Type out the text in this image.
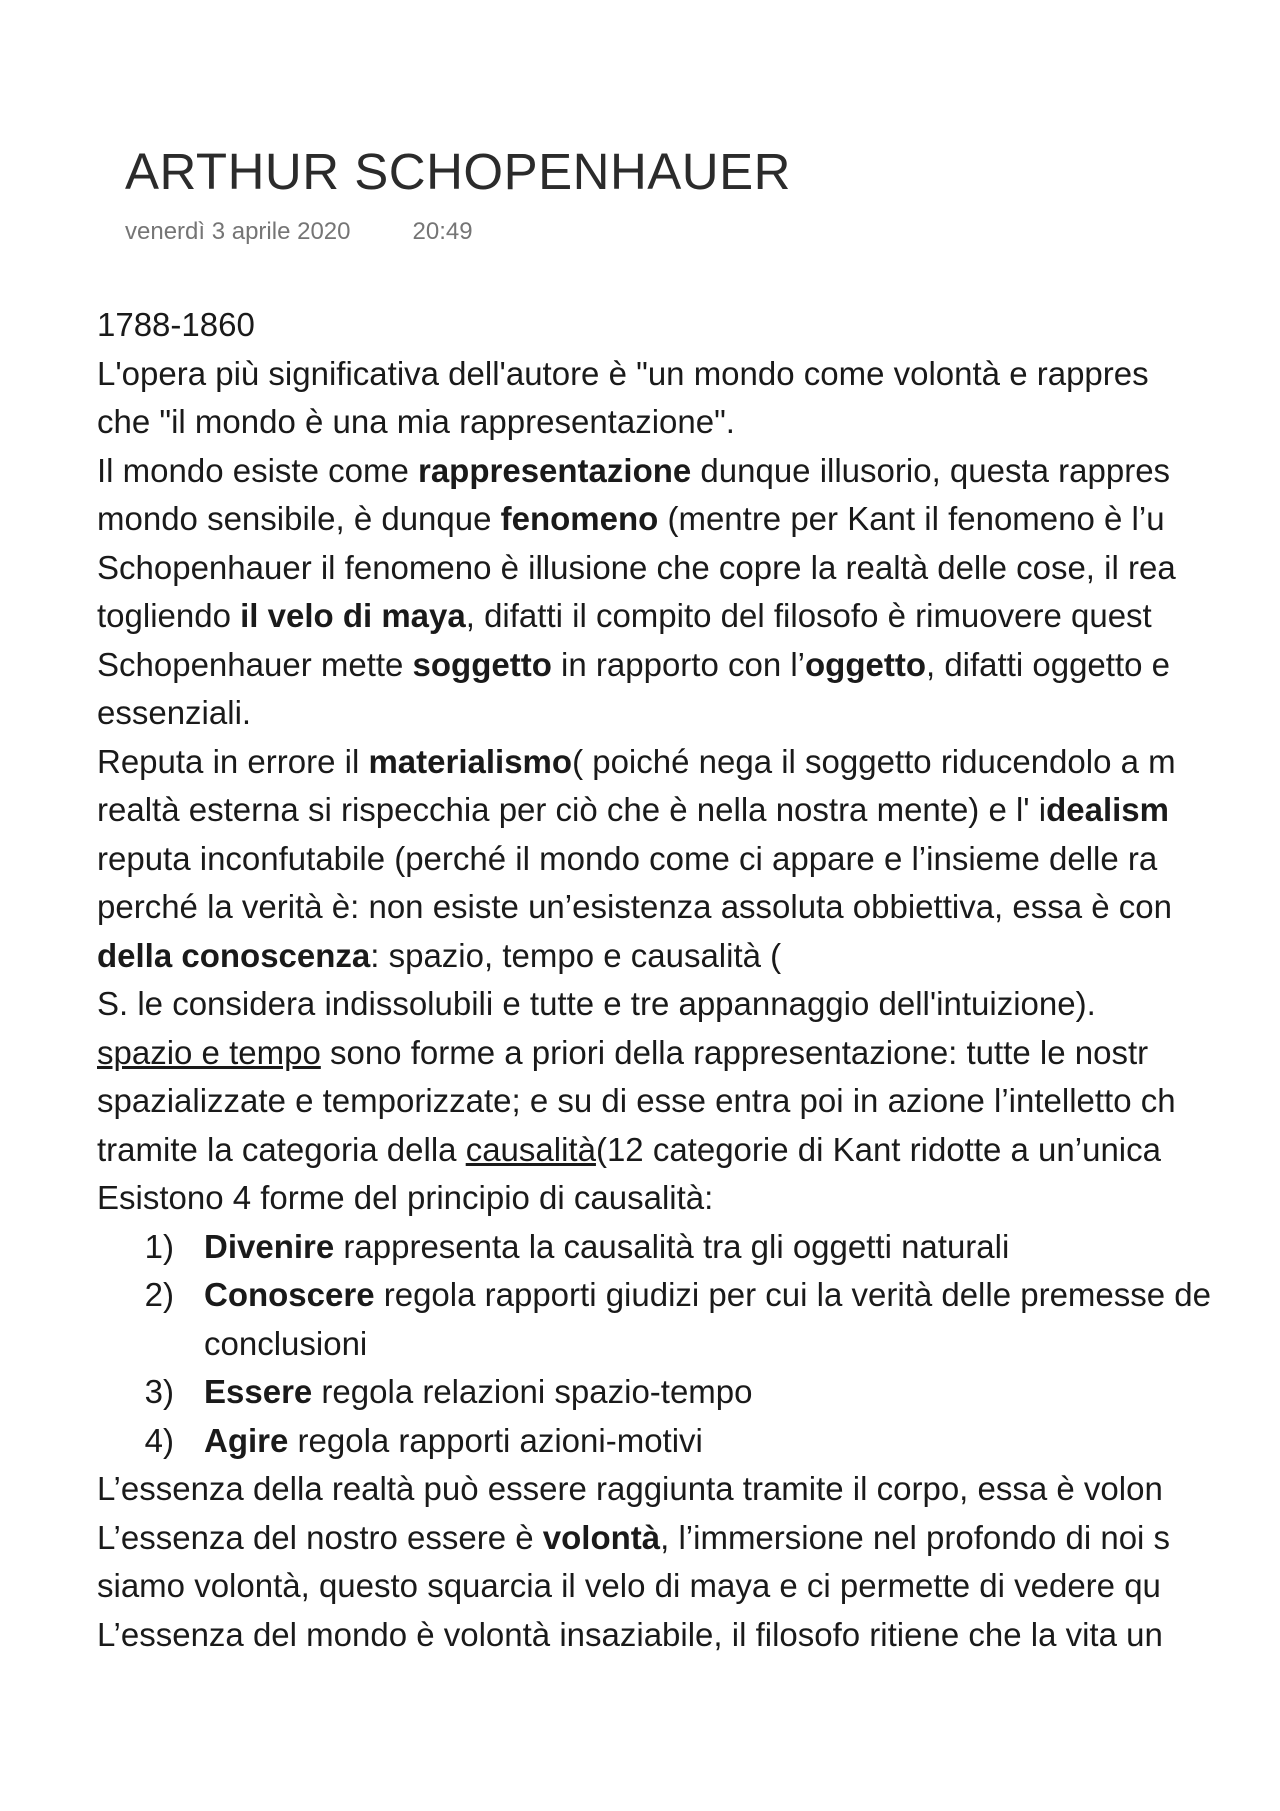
ARTHUR SCHOPENHAUER
venerdì 3 aprile 2020	20:49
1788-1860
L'opera più significativa dell'autore è "un mondo come volontà e rappres
che "il mondo è una mia rappresentazione".
Il mondo esiste come rappresentazione dunque illusorio, questa rappres
mondo sensibile, è dunque fenomeno (mentre per Kant il fenomeno è l’u
Schopenhauer il fenomeno è illusione che copre la realtà delle cose, il rea
togliendo il velo di maya, difatti il compito del filosofo è rimuovere quest
Schopenhauer mette soggetto in rapporto con l’oggetto, difatti oggetto e
essenziali.
Reputa in errore il materialismo( poiché nega il soggetto riducendolo a m
realtà esterna si rispecchia per ciò che è nella nostra mente) e l' idealism
reputa inconfutabile (perché il mondo come ci appare e l’insieme delle ra
perché la verità è: non esiste un’esistenza assoluta obbiettiva, essa è con
della conoscenza: spazio, tempo e causalità (
S. le considera indissolubili e tutte e tre appannaggio dell'intuizione).
spazio e tempo sono forme a priori della rappresentazione: tutte le nostr
spazializzate e temporizzate; e su di esse entra poi in azione l’intelletto ch
tramite la categoria della causalità(12 categorie di Kant ridotte a un’unica
Esistono 4 forme del principio di causalità:
1) Divenire rappresenta la causalità tra gli oggetti naturali
2) Conoscere regola rapporti giudizi per cui la verità delle premesse de
conclusioni
3) Essere regola relazioni spazio-tempo
4) Agire regola rapporti azioni-motivi
L’essenza della realtà può essere raggiunta tramite il corpo, essa è volon
L’essenza del nostro essere è volontà, l’immersione nel profondo di noi s
siamo volontà, questo squarcia il velo di maya e ci permette di vedere qu
L’essenza del mondo è volontà insaziabile, il filosofo ritiene che la vita un
